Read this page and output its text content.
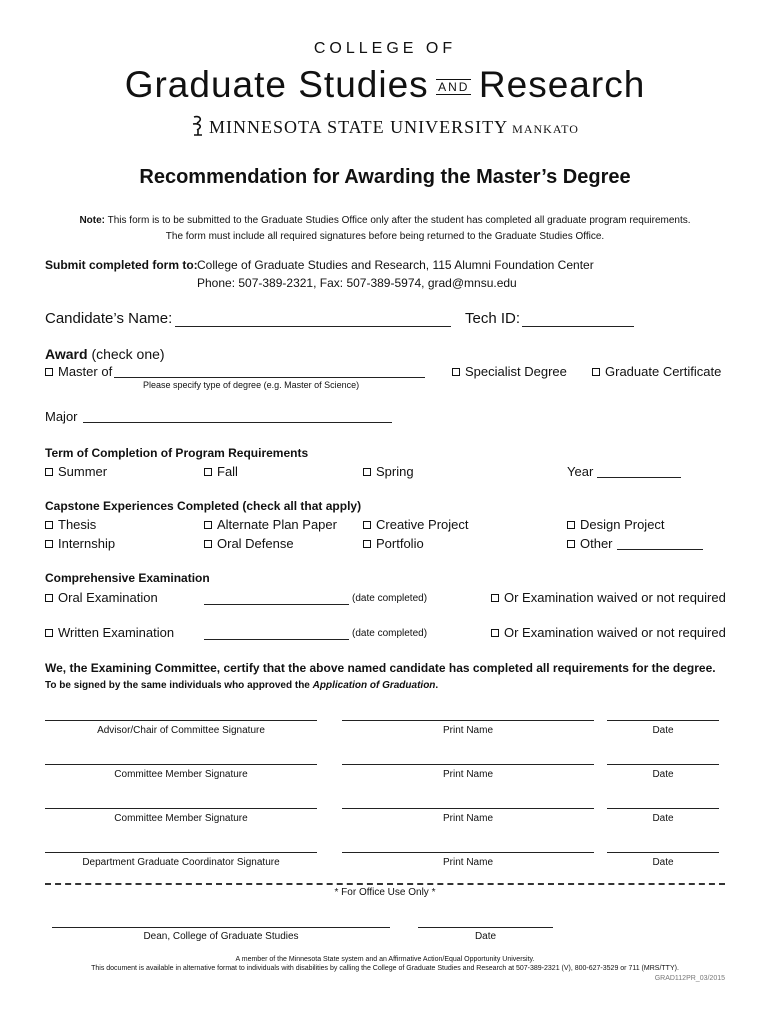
COLLEGE OF
Graduate Studies $^{AND}$ Research
MINNESOTA STATE UNIVERSITY MANKATO
Recommendation for Awarding the Master’s Degree
Note: This form is to be submitted to the Graduate Studies Office only after the student has completed all graduate program requirements.
The form must include all required signatures before being returned to the Graduate Studies Office.
Submit completed form to: College of Graduate Studies and Research, 115 Alumni Foundation Center
Phone: 507-389-2321, Fax: 507-389-5974, grad@mnsu.edu
Candidate’s Name:	Tech ID:
Award (check one)
Master of
Please specify type of degree (e.g. Master of Science)
Specialist Degree	Graduate Certificate
Major
Term of Completion of Program Requirements
Summer	Fall	Spring	Year
Capstone Experiences Completed (check all that apply)
Thesis	Alternate Plan Paper	Creative Project	Design Project
Internship	Oral Defense	Portfolio	Other
Comprehensive Examination
Oral Examination	(date completed)	Or Examination waived or not required
Written Examination	(date completed)	Or Examination waived or not required
We, the Examining Committee, certify that the above named candidate has completed all requirements for the degree.
To be signed by the same individuals who approved the Application of Graduation.
Advisor/Chair of Committee Signature	Print Name	Date
Committee Member Signature	Print Name	Date
Committee Member Signature	Print Name	Date
Department Graduate Coordinator Signature	Print Name	Date
* For Office Use Only *
Dean, College of Graduate Studies	Date
A member of the Minnesota State system and an Affirmative Action/Equal Opportunity University.
This document is available in alternative format to individuals with disabilities by calling the College of Graduate Studies and Research at 507-389-2321 (V), 800-627-3529 or 711 (MRS/TTY).
GRAD112PR_03/2015
